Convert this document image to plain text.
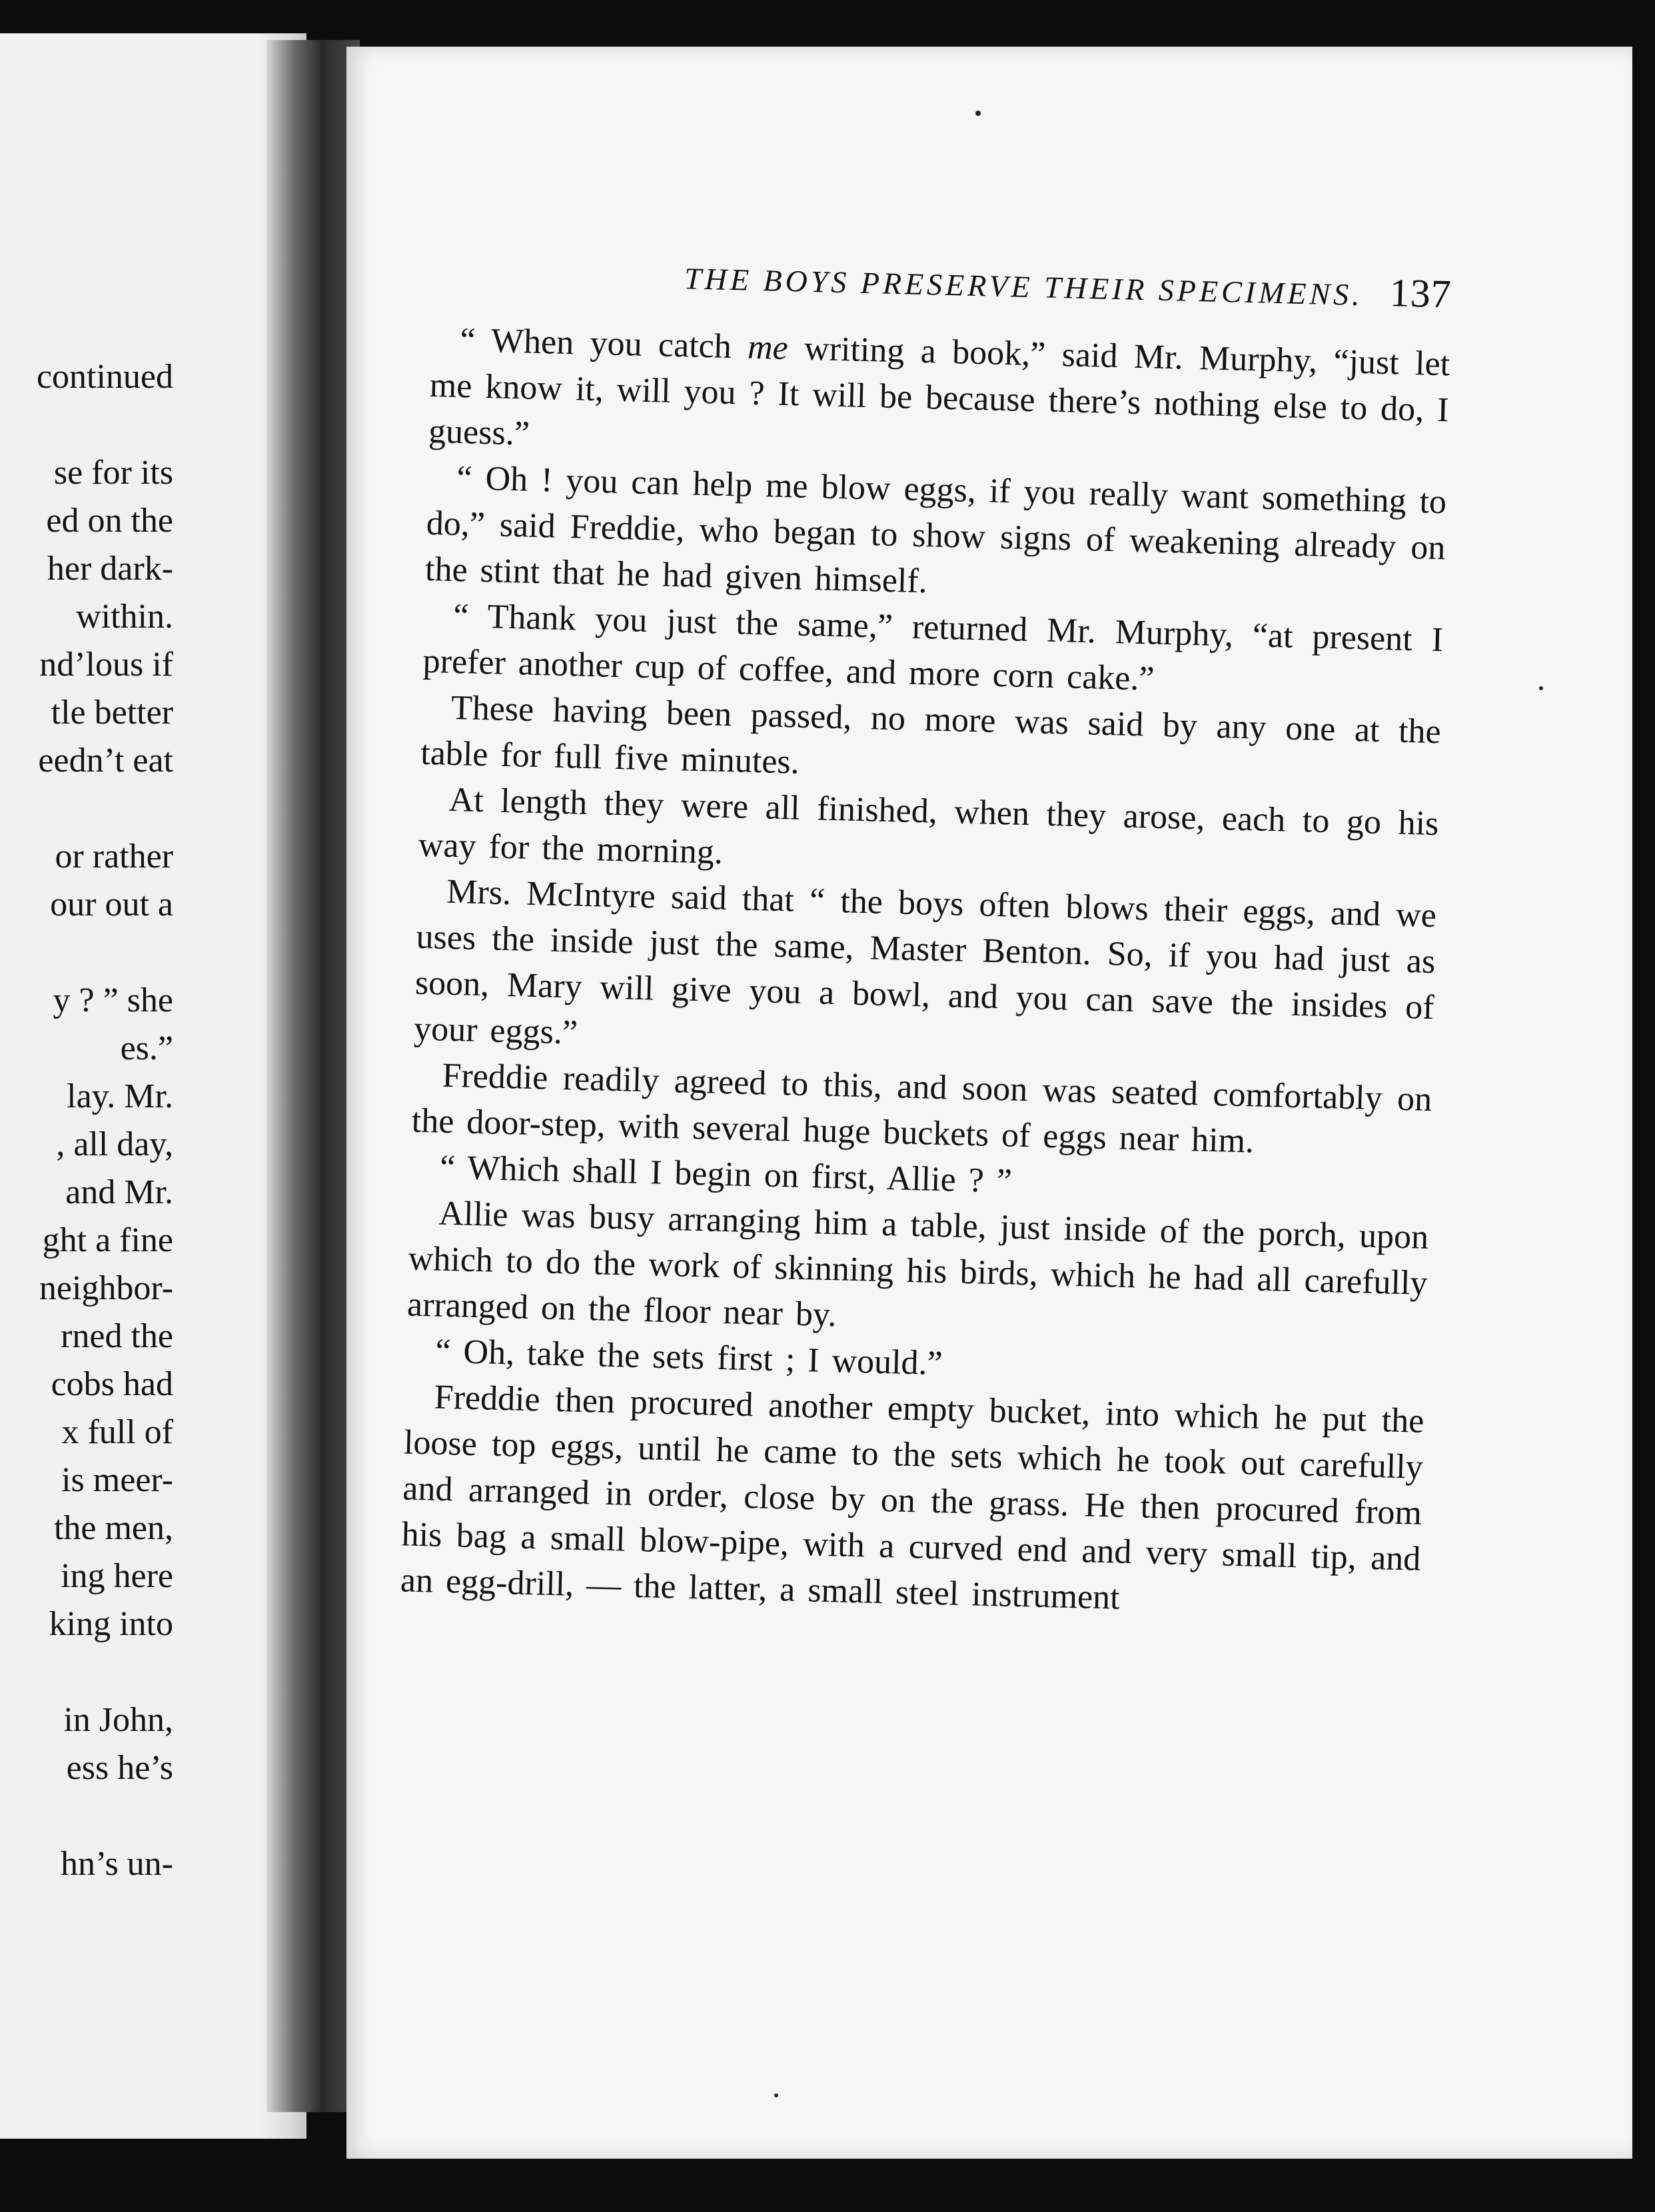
continued
se for its
ed on the
her dark-
within.
nd’lous if
tle better
eedn’t eat
or rather
our out a
y ? ” she
es.”
lay. Mr.
, all day,
and Mr.
ght a fine
neighbor-
rned the
cobs had
x full of
is meer-
the men,
ing here
king into
in John,
ess he’s
hn’s un-
THE BOYS PRESERVE THEIR SPECIMENS. 137

“ When you catch me writing a book,” said Mr. Murphy, “just let me know it, will you ? It will be because there’s nothing else to do, I guess.”

“ Oh ! you can help me blow eggs, if you really want something to do,” said Freddie, who began to show signs of weakening already on the stint that he had given himself.

“ Thank you just the same,” returned Mr. Murphy, “at present I prefer another cup of coffee, and more corn cake.”

These having been passed, no more was said by any one at the table for full five minutes.

At length they were all finished, when they arose, each to go his way for the morning.

Mrs. McIntyre said that “ the boys often blows their eggs, and we uses the inside just the same, Master Benton. So, if you had just as soon, Mary will give you a bowl, and you can save the insides of your eggs.”

Freddie readily agreed to this, and soon was seated comfortably on the door-step, with several huge buckets of eggs near him.

“ Which shall I begin on first, Allie ? ”

Allie was busy arranging him a table, just inside of the porch, upon which to do the work of skinning his birds, which he had all carefully arranged on the floor near by.

“ Oh, take the sets first ; I would.”

Freddie then procured another empty bucket, into which he put the loose top eggs, until he came to the sets which he took out carefully and arranged in order, close by on the grass. He then procured from his bag a small blow-pipe, with a curved end and very small tip, and an egg-drill, — the latter, a small steel instrument
